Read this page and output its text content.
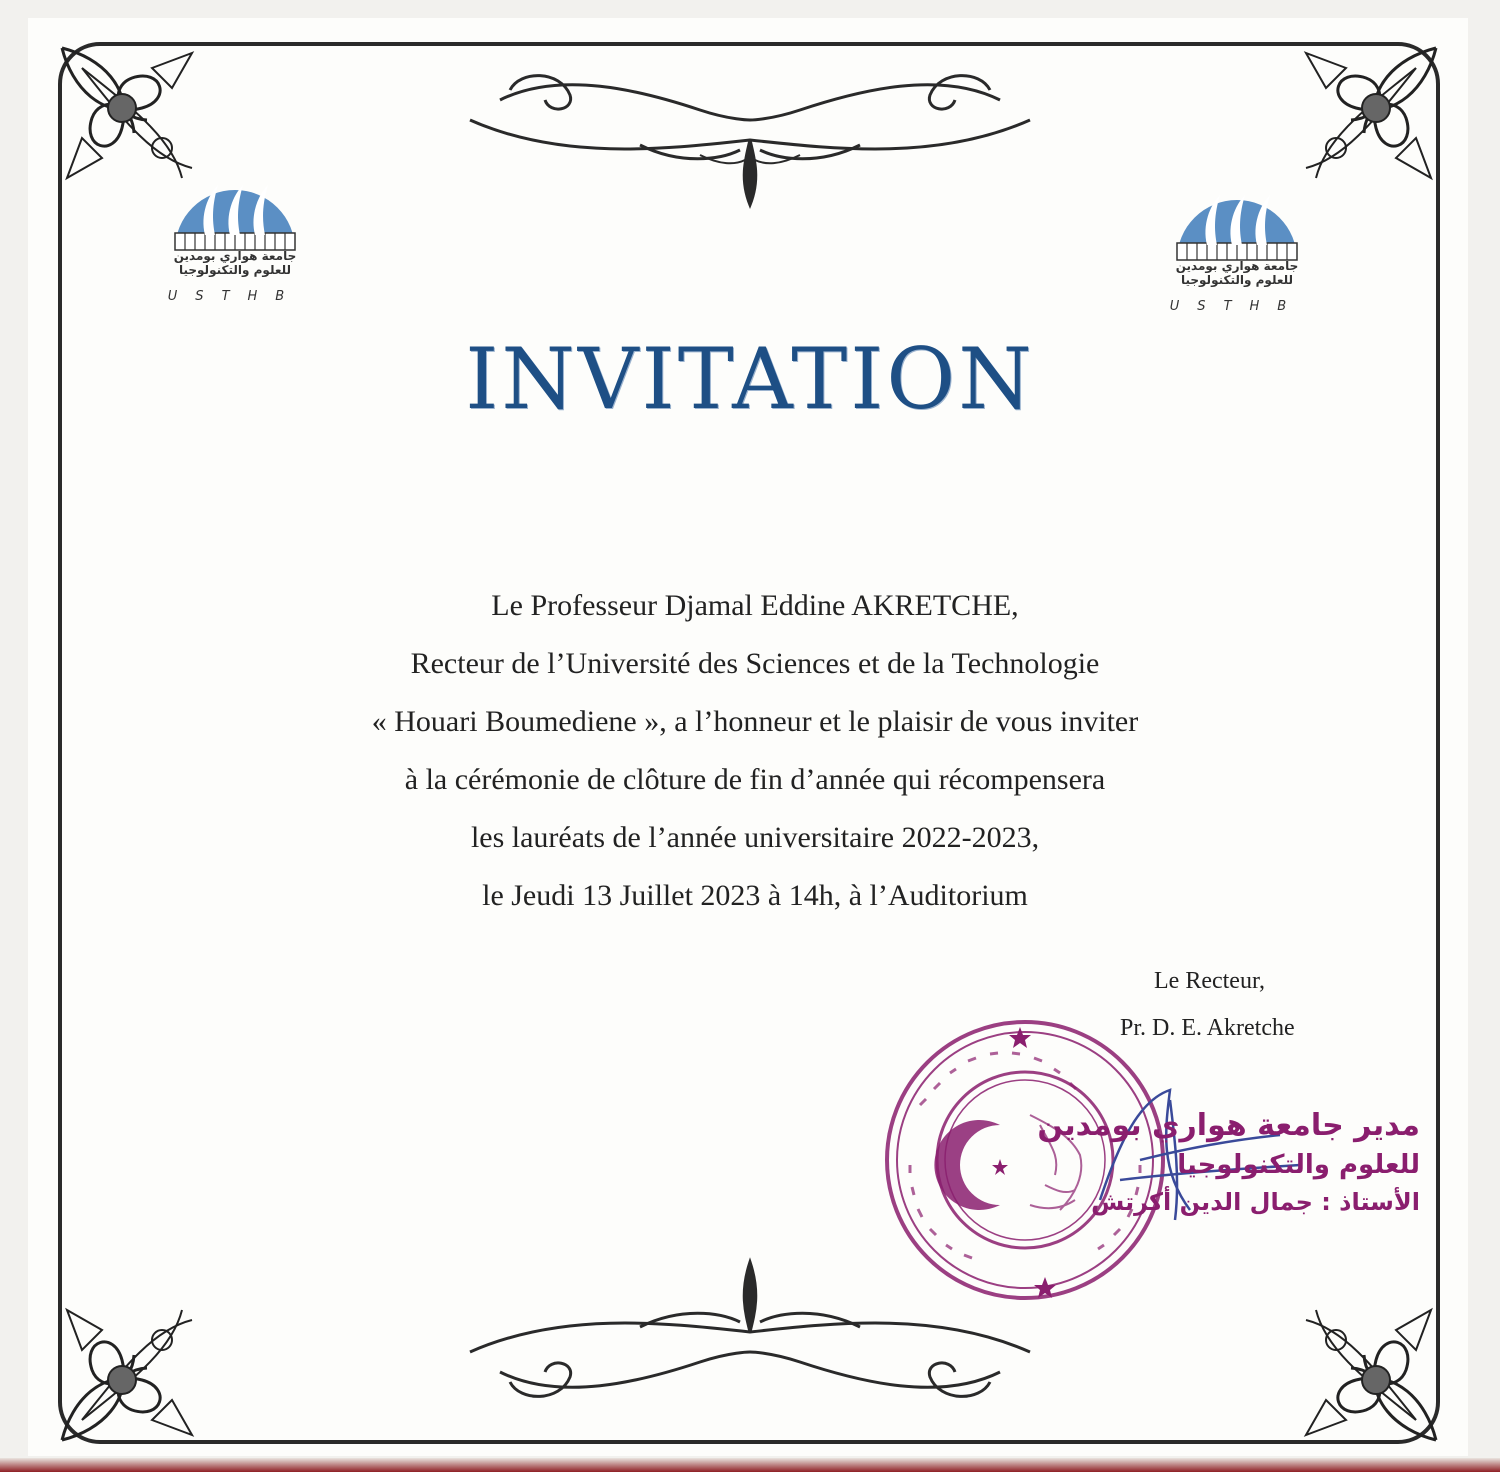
جامعة هواري بومدين
للعلوم والتكنولوجيا
USTHB
جامعة هواري بومدين
للعلوم والتكنولوجيا
USTHB
INVITATION
Le Professeur Djamal Eddine AKRETCHE,
Recteur de l’Université des Sciences et de la Technologie
« Houari Boumediene », a l’honneur et le plaisir de vous inviter
à la cérémonie de clôture de fin d’année qui récompensera
les lauréats de l’année universitaire 2022-2023,
le Jeudi 13 Juillet 2023 à 14h, à l’Auditorium
Le Recteur,
Pr. D. E. Akretche
مدير جامعة هواري بومدين
للعلوم والتكنولوجيا
الأستاذ : جمال الدين أكرتش
